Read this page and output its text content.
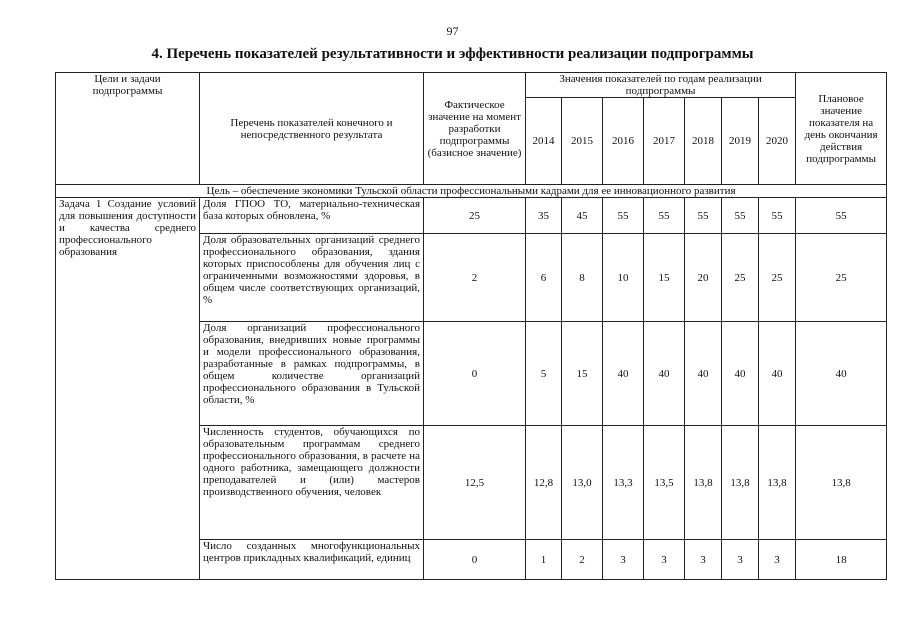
97
4. Перечень показателей результативности и эффективности реализации подпрограммы
Цели и задачи подпрограммы	Перечень показателей конечного и непосредственного результата	Фактическое значение на момент разработки подпрограммы (базисное значение)	Значения показателей по годам реализации подпрограммы							Плановое значение показателя на день окончания действия подпрограммы
			2014	2015	2016	2017	2018	2019	2020	
Цель – обеспечение экономики Тульской области профессиональными кадрами для ее инновационного развития										
Задача 1 Создание условий для повышения доступности и качества среднего профессионального образования	Доля ГПОО ТО, материально-техническая база которых обновлена, %	25	35	45	55	55	55	55	55	55
	Доля образовательных организаций среднего профессионального образования, здания которых приспособлены для обучения лиц с ограниченными возможностями здоровья, в общем числе соответствующих организаций, %	2	6	8	10	15	20	25	25	25
	Доля организаций профессионального образования, внедривших новые программы и модели профессионального образования, разработанные в рамках подпрограммы, в общем количестве организаций профессионального образования в Тульской области, %	0	5	15	40	40	40	40	40	40
	Численность студентов, обучающихся по образовательным программам среднего профессионального образования, в расчете на одного работника, замещающего должности преподавателей и (или) мастеров производственного обучения, человек	12,5	12,8	13,0	13,3	13,5	13,8	13,8	13,8	13,8
	Число созданных многофункциональных центров прикладных квалификаций, единиц	0	1	2	3	3	3	3	3	18
